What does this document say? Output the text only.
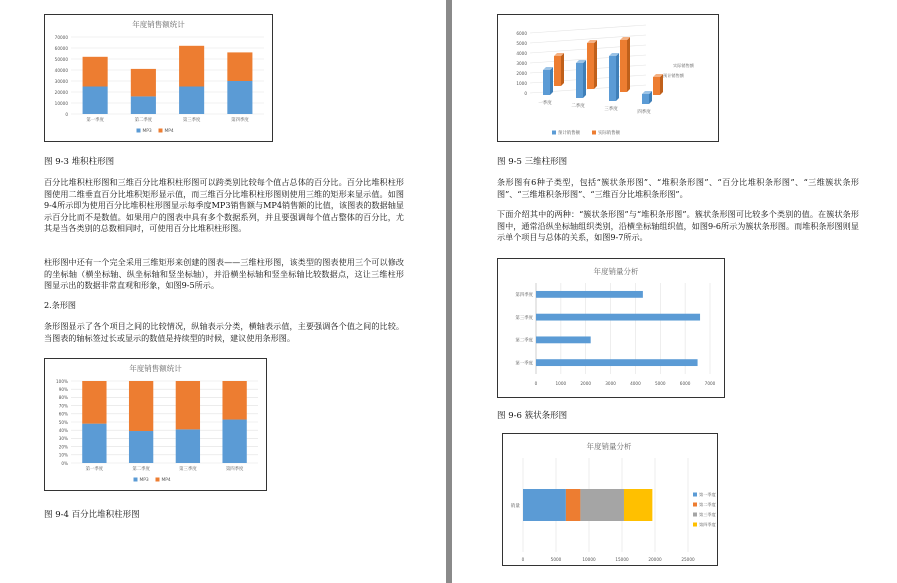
年度销售额统计
0
10000
20000
30000
40000
50000
60000
70000
第一季度	第二季度	第三季度	第四季度
MP3	MP4
图 9-3 堆积柱形图
百分比堆积柱形图和三维百分比堆积柱形图可以跨类别比较每个值占总体的百分比。百分比堆积柱形图使用二维垂直百分比堆积矩形显示值，而三维百分比堆积柱形图则使用三维的矩形来显示值。如图9-4所示即为使用百分比堆积柱形图显示每季度MP3销售额与MP4销售额的比值，该图表的数据轴显示百分比而不是数值。如果用户的图表中具有多个数据系列，并且要强调每个值占整体的百分比，尤其是当各类别的总数相同时，可使用百分比堆积柱形图。
柱形图中还有一个完全采用三维矩形来创建的图表——三维柱形图，该类型的图表使用三个可以修改的坐标轴（横坐标轴、纵坐标轴和竖坐标轴），并沿横坐标轴和竖坐标轴比较数据点，这让三维柱形图显示出的数据非常直观和形象，如图9-5所示。
2.条形图
条形图显示了各个项目之间的比较情况，纵轴表示分类，横轴表示值，主要强调各个值之间的比较。当图表的轴标签过长或显示的数值是持续型的时候，建议使用条形图。
年度销售额统计
0%
10%
20%
30%
40%
50%
60%
70%
80%
90%
100%
第一季度	第二季度	第三季度	第四季度
MP3	MP4
图 9-4 百分比堆积柱形图
0
1000
2000
3000
4000
5000
6000
一季度
二季度
三季度
四季度
实际销售额
预计销售额
预计销售额	实际销售额
图 9-5 三维柱形图
条形图有6种子类型，包括“簇状条形图”、“堆积条形图”、“百分比堆积条形图”、“三维簇状条形图”、“三维堆积条形图”、“三维百分比堆积条形图”。
下面介绍其中的两种：“簇状条形图”与“堆积条形图”。簇状条形图可比较多个类别的值。在簇状条形图中，通常沿纵坐标轴组织类别，沿横坐标轴组织值，如图9-6所示为簇状条形图。而堆积条形图则显示单个项目与总体的关系，如图9-7所示。
年度销量分析
0	1000	2000	3000	4000	5000	6000	7000
第一季度
第二季度
第三季度
第四季度
图 9-6 簇状条形图
年度销量分析
0	5000	10000	15000	20000	25000
销量
第一季度
第二季度
第三季度
第四季度
